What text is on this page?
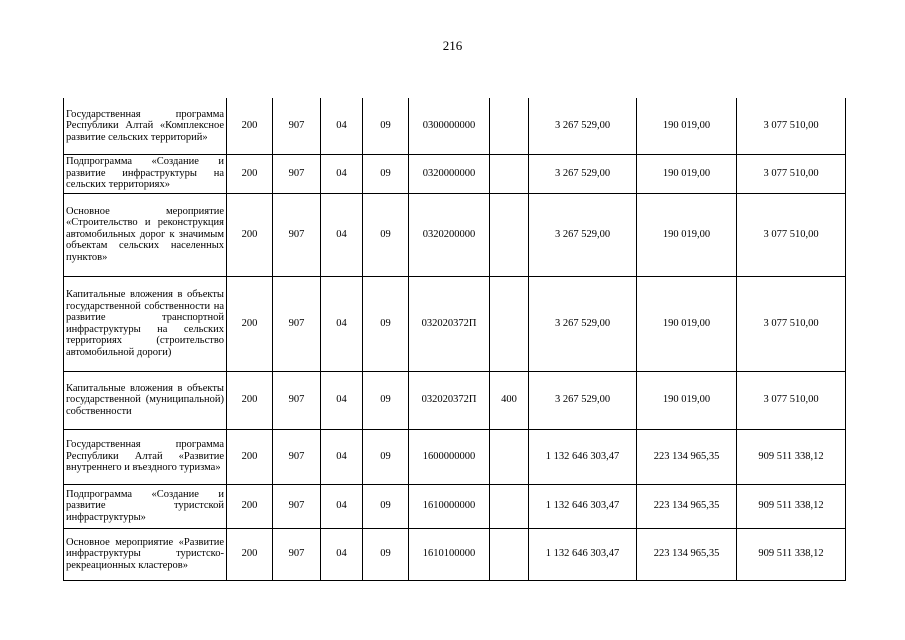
216
Государственная программа Республики Алтай «Комплексное развитие сельских территорий»	200	907	04	09	0300000000		3 267 529,00	190 019,00	3 077 510,00
Подпрограмма «Создание и развитие инфраструктуры на сельских территориях»	200	907	04	09	0320000000		3 267 529,00	190 019,00	3 077 510,00
Основное мероприятие «Строительство и реконструкция автомобильных дорог к значимым объектам сельских населенных пунктов»	200	907	04	09	0320200000		3 267 529,00	190 019,00	3 077 510,00
Капитальные вложения в объекты государственной собственности на развитие транспортной инфраструктуры на сельских территориях (строительство автомобильной дороги)	200	907	04	09	032020372П		3 267 529,00	190 019,00	3 077 510,00
Капитальные вложения в объекты государственной (муниципальной) собственности	200	907	04	09	032020372П	400	3 267 529,00	190 019,00	3 077 510,00
Государственная программа Республики Алтай «Развитие внутреннего и въездного туризма»	200	907	04	09	1600000000		1 132 646 303,47	223 134 965,35	909 511 338,12
Подпрограмма «Создание и развитие туристской инфраструктуры»	200	907	04	09	1610000000		1 132 646 303,47	223 134 965,35	909 511 338,12
Основное мероприятие «Развитие инфраструктуры туристско-рекреационных кластеров»	200	907	04	09	1610100000		1 132 646 303,47	223 134 965,35	909 511 338,12
